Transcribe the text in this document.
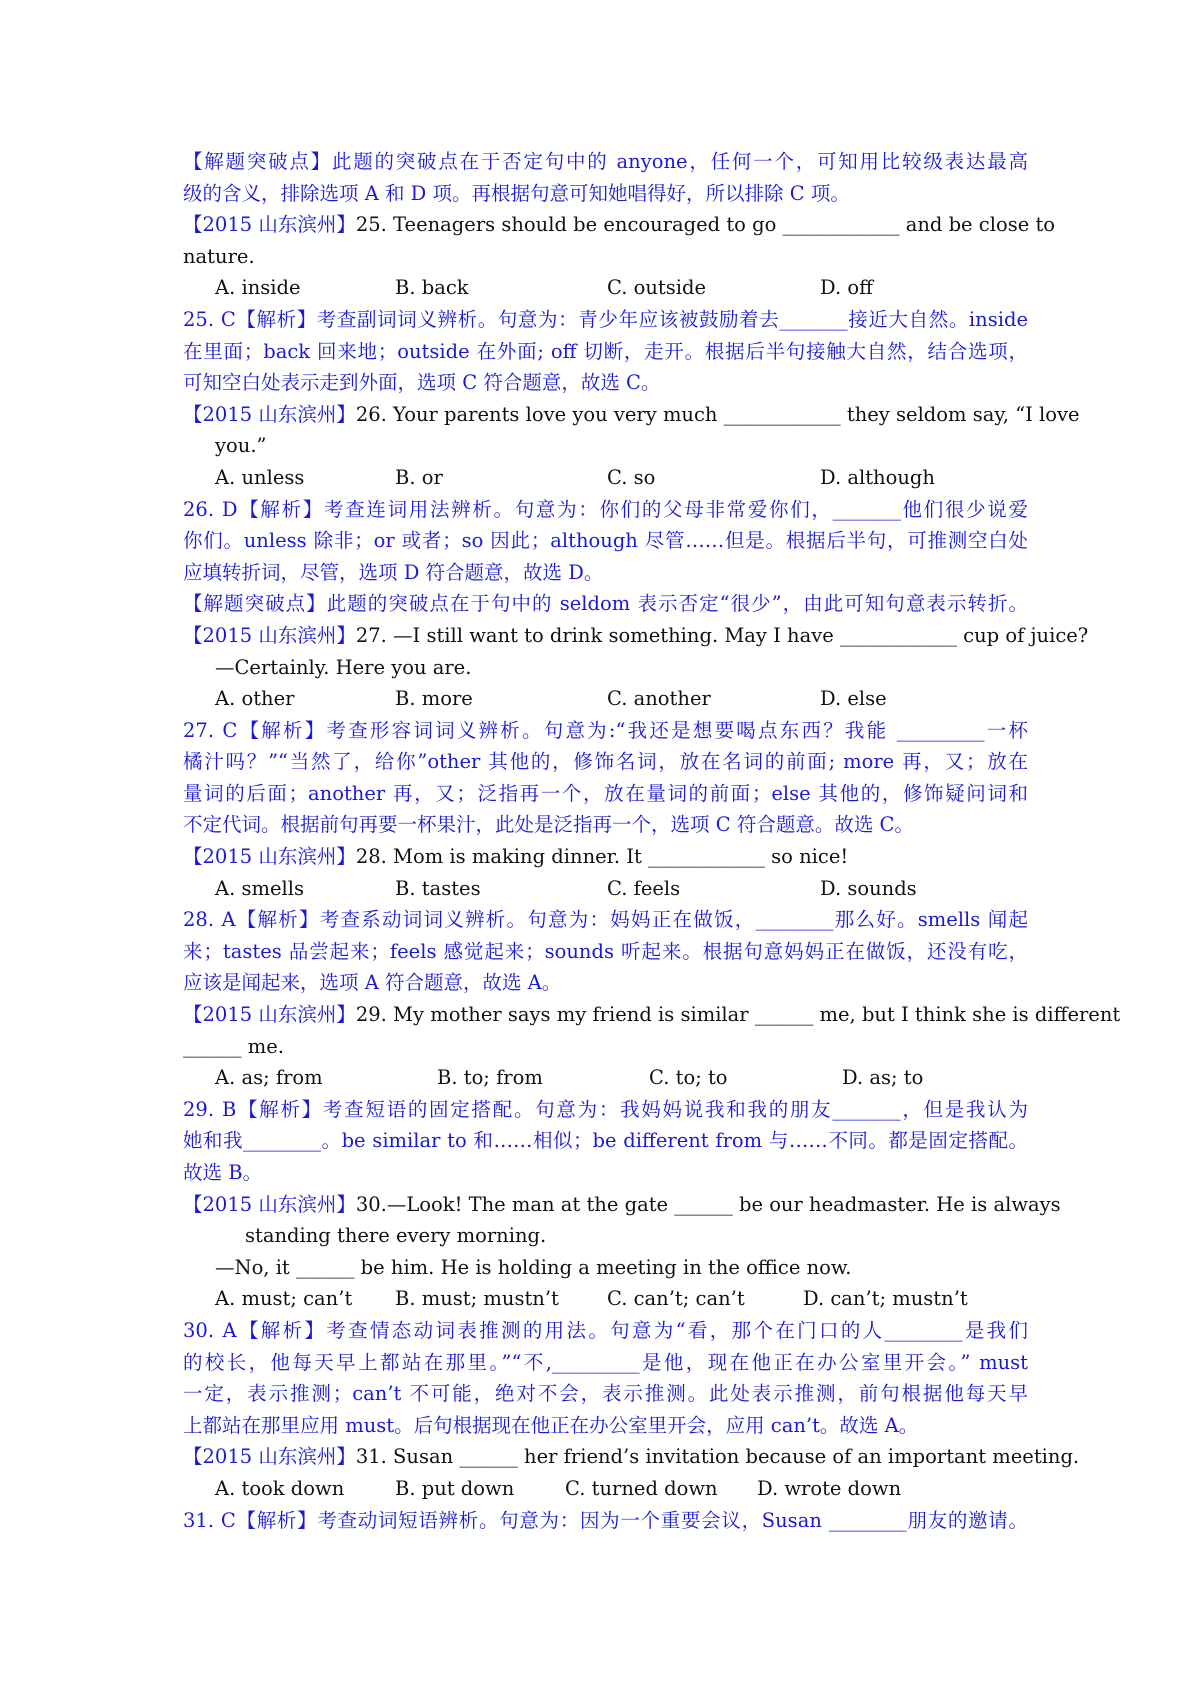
【解题突破点】此题的突破点在于否定句中的 anyone，任何一个，可知用比较级表达最高
级的含义，排除选项 A 和 D 项。再根据句意可知她唱得好，所以排除 C 项。
【2015 山东滨州】25. Teenagers should be encouraged to go ____________ and be close to
nature.
A. inside	B. back	C. outside	D. off
25. C【解析】考查副词词义辨析。句意为：青少年应该被鼓励着去_______接近大自然。inside
在里面；back 回来地；outside 在外面; off 切断，走开。根据后半句接触大自然，结合选项，
可知空白处表示走到外面，选项 C 符合题意，故选 C。
【2015 山东滨州】26. Your parents love you very much ____________ they seldom say, “I love
you.”
A. unless	B. or	C. so	D. although
26. D【解析】考查连词用法辨析。句意为：你们的父母非常爱你们，_______他们很少说爱
你们。unless 除非；or 或者；so 因此；although 尽管……但是。根据后半句，可推测空白处
应填转折词，尽管，选项 D 符合题意，故选 D。
【解题突破点】此题的突破点在于句中的 seldom 表示否定“很少”，由此可知句意表示转折。
【2015 山东滨州】27. —I still want to drink something. May I have ____________ cup of juice?
—Certainly. Here you are.
A. other	B. more	C. another	D. else
27. C【解析】考查形容词词义辨析。句意为:“我还是想要喝点东西？我能 _________一杯
橘汁吗？”“当然了，给你”other 其他的，修饰名词，放在名词的前面; more 再，又；放在
量词的后面；another 再，又；泛指再一个，放在量词的前面；else 其他的，修饰疑问词和
不定代词。根据前句再要一杯果汁，此处是泛指再一个，选项 C 符合题意。故选 C。
【2015 山东滨州】28. Mom is making dinner. It ____________ so nice!
A. smells	B. tastes	C. feels	D. sounds
28. A【解析】考查系动词词义辨析。句意为：妈妈正在做饭，________那么好。smells 闻起
来；tastes 品尝起来；feels 感觉起来；sounds 听起来。根据句意妈妈正在做饭，还没有吃，
应该是闻起来，选项 A 符合题意，故选 A。
【2015 山东滨州】29. My mother says my friend is similar ______ me, but I think she is different
______ me.
A. as; from	B. to; from	C. to; to	D. as; to
29. B【解析】考查短语的固定搭配。句意为：我妈妈说我和我的朋友_______，但是我认为
她和我________。be similar to 和……相似；be different from 与……不同。都是固定搭配。
故选 B。
【2015 山东滨州】30.—Look! The man at the gate ______ be our headmaster. He is always
standing there every morning.
—No, it ______ be him. He is holding a meeting in the office now.
A. must; can’t B. must; mustn’t C. can’t; can’t	D. can’t; mustn’t
30. A【解析】考查情态动词表推测的用法。句意为“看，那个在门口的人________是我们
的校长，他每天早上都站在那里。”“不,_________是他，现在他正在办公室里开会。” must
一定，表示推测；can’t 不可能，绝对不会，表示推测。此处表示推测，前句根据他每天早
上都站在那里应用 must。后句根据现在他正在办公室里开会，应用 can’t。故选 A。
【2015 山东滨州】31. Susan ______ her friend’s invitation because of an important meeting.
A. took down	B. put down	C. turned down D. wrote down
31. C【解析】考查动词短语辨析。句意为：因为一个重要会议，Susan ________朋友的邀请。
